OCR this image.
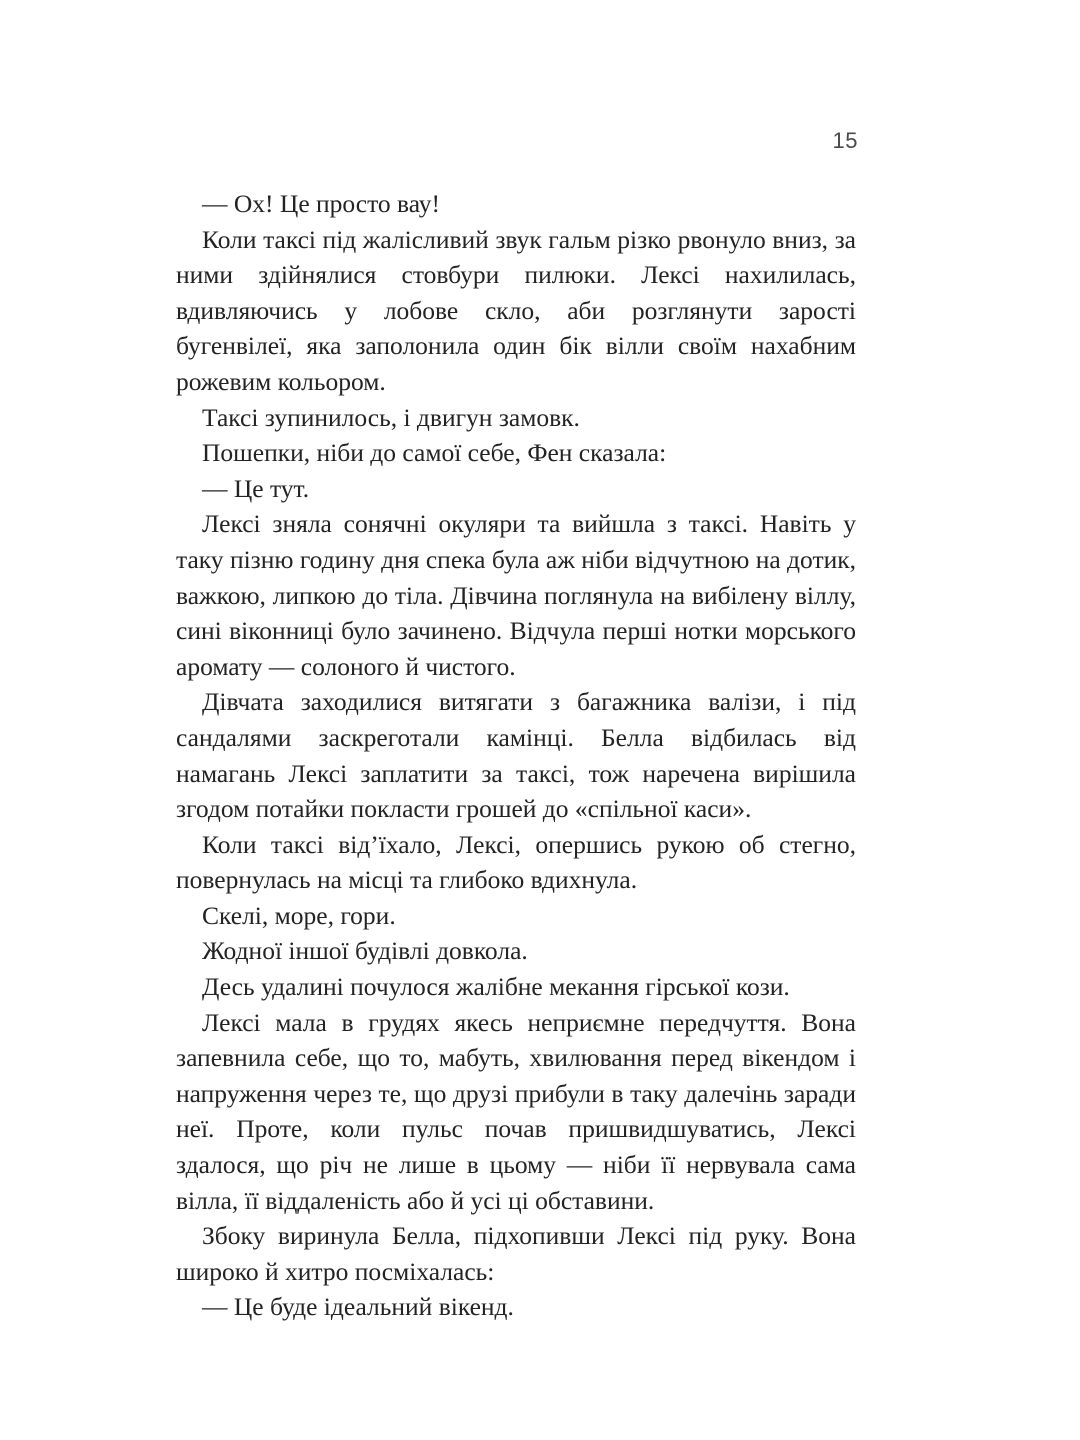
15

— Ох! Це просто вау!

Коли таксі під жалісливий звук гальм різко рвонуло вниз, за ними здійнялися стовбури пилюки. Лексі нахилилась, вдивляючись у лобове скло, аби розглянути зарості бугенвілеї, яка заполонила один бік вілли своїм нахабним рожевим кольором.

Таксі зупинилось, і двигун замовк.

Пошепки, ніби до самої себе, Фен сказала:

— Це тут.

Лексі зняла сонячні окуляри та вийшла з таксі. Навіть у таку пізню годину дня спека була аж ніби відчутною на дотик, важкою, липкою до тіла. Дівчина поглянула на вибілену віллу, сині віконниці було зачинено. Відчула перші нотки морського аромату — солоного й чистого.

Дівчата заходилися витягати з багажника валізи, і під сандалями заскреготали камінці. Белла відбилась від намагань Лексі заплатити за таксі, тож наречена вирішила згодом потайки покласти грошей до «спільної каси».

Коли таксі від’їхало, Лексі, опершись рукою об стегно, повернулась на місці та глибоко вдихнула.

Скелі, море, гори.

Жодної іншої будівлі довкола.

Десь удалині почулося жалібне мекання гірської кози.

Лексі мала в грудях якесь неприємне передчуття. Вона запевнила себе, що то, мабуть, хвилювання перед вікендом і напруження через те, що друзі прибули в таку далечінь заради неї. Проте, коли пульс почав пришвидшуватись, Лексі здалося, що річ не лише в цьому — ніби її нервувала сама вілла, її віддаленість або й усі ці обставини.

Збоку виринула Белла, підхопивши Лексі під руку. Вона широко й хитро посміхалась:

— Це буде ідеальний вікенд.
